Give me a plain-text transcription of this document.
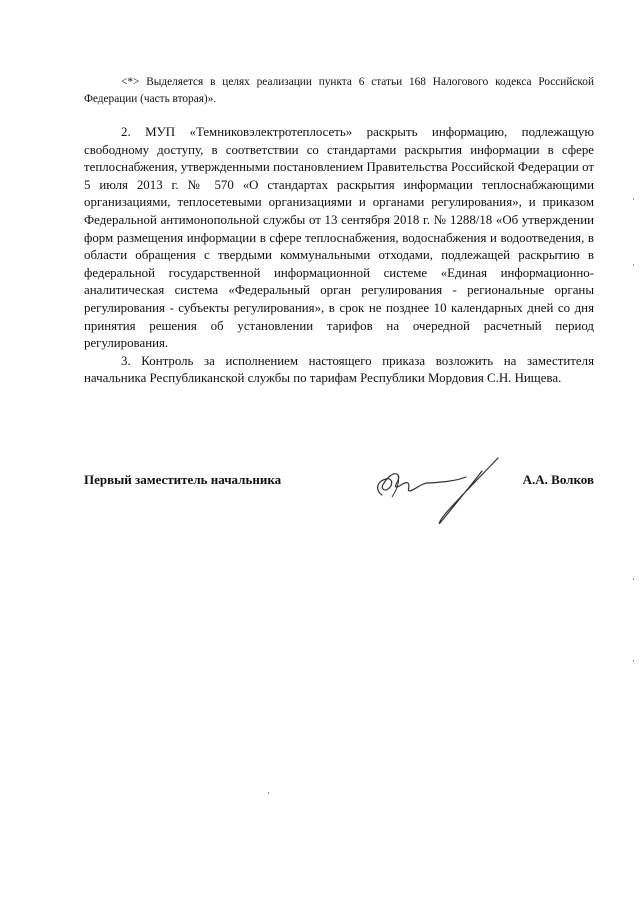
<*> Выделяется в целях реализации пункта 6 статьи 168 Налогового кодекса Российской Федерации (часть вторая)».

2. МУП «Темниковэлектротеплосеть» раскрыть информацию, подлежащую свободному доступу, в соответствии со стандартами раскрытия информации в сфере теплоснабжения, утвержденными постановлением Правительства Российской Федерации от 5 июля 2013 г. № 570 «О стандартах раскрытия информации теплоснабжающими организациями, теплосетевыми организациями и органами регулирования», и приказом Федеральной антимонопольной службы от 13 сентября 2018 г. № 1288/18 «Об утверждении форм размещения информации в сфере теплоснабжения, водоснабжения и водоотведения, в области обращения с твердыми коммунальными отходами, подлежащей раскрытию в федеральной государственной информационной системе «Единая информационно-аналитическая система «Федеральный орган регулирования - региональные органы регулирования - субъекты регулирования», в срок не позднее 10 календарных дней со дня принятия решения об установлении тарифов на очередной расчетный период регулирования.

3. Контроль за исполнением настоящего приказа возложить на заместителя начальника Республиканской службы по тарифам Республики Мордовия С.Н. Нищева.

Первый заместитель начальника	А.А. Волков
